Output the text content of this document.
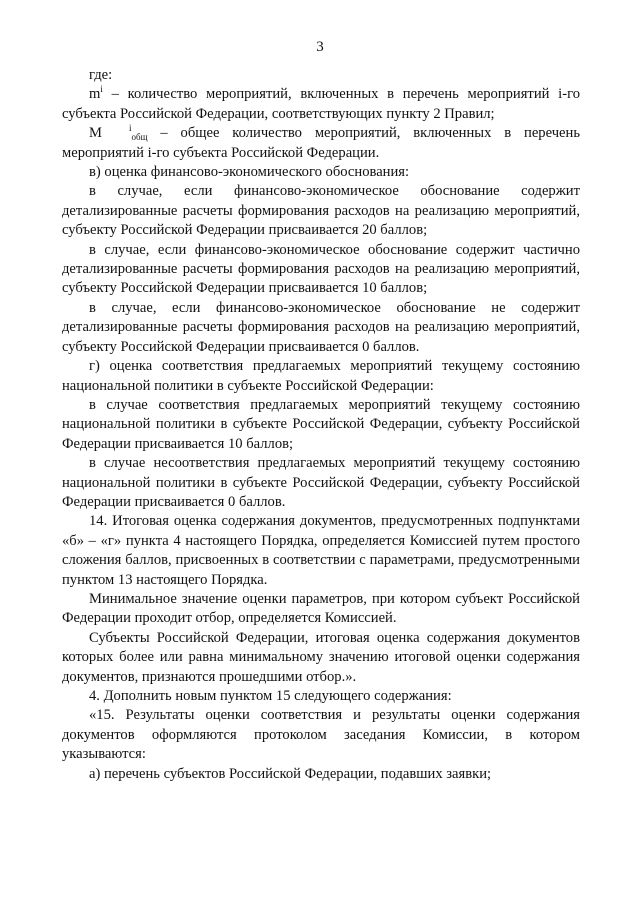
3

где:

$m^i$ – количество мероприятий, включенных в перечень мероприятий i-го субъекта Российской Федерации, соответствующих пункту 2 Правил;

M	$^i_{общ}$ – общее количество мероприятий, включенных в перечень мероприятий i-го субъекта Российской Федерации.

в) оценка финансово-экономического обоснования:

в случае, если финансово-экономическое обоснование содержит детализированные расчеты формирования расходов на реализацию мероприятий, субъекту Российской Федерации присваивается 20 баллов;

в случае, если финансово-экономическое обоснование содержит частично детализированные расчеты формирования расходов на реализацию мероприятий, субъекту Российской Федерации присваивается 10 баллов;

в случае, если финансово-экономическое обоснование не содержит детализированные расчеты формирования расходов на реализацию мероприятий, субъекту Российской Федерации присваивается 0 баллов.

г) оценка соответствия предлагаемых мероприятий текущему состоянию национальной политики в субъекте Российской Федерации:

в случае соответствия предлагаемых мероприятий текущему состоянию национальной политики в субъекте Российской Федерации, субъекту Российской Федерации присваивается 10 баллов;

в случае несоответствия предлагаемых мероприятий текущему состоянию национальной политики в субъекте Российской Федерации, субъекту Российской Федерации присваивается 0 баллов.

14. Итоговая оценка содержания документов, предусмотренных подпунктами «б» – «г» пункта 4 настоящего Порядка, определяется Комиссией путем простого сложения баллов, присвоенных в соответствии с параметрами, предусмотренными пунктом 13 настоящего Порядка.

Минимальное значение оценки параметров, при котором субъект Российской Федерации проходит отбор, определяется Комиссией.

Субъекты Российской Федерации, итоговая оценка содержания документов которых более или равна минимальному значению итоговой оценки содержания документов, признаются прошедшими отбор.».

4. Дополнить новым пунктом 15 следующего содержания:

«15. Результаты оценки соответствия и результаты оценки содержания документов оформляются протоколом заседания Комиссии, в котором указываются:

а) перечень субъектов Российской Федерации, подавших заявки;
